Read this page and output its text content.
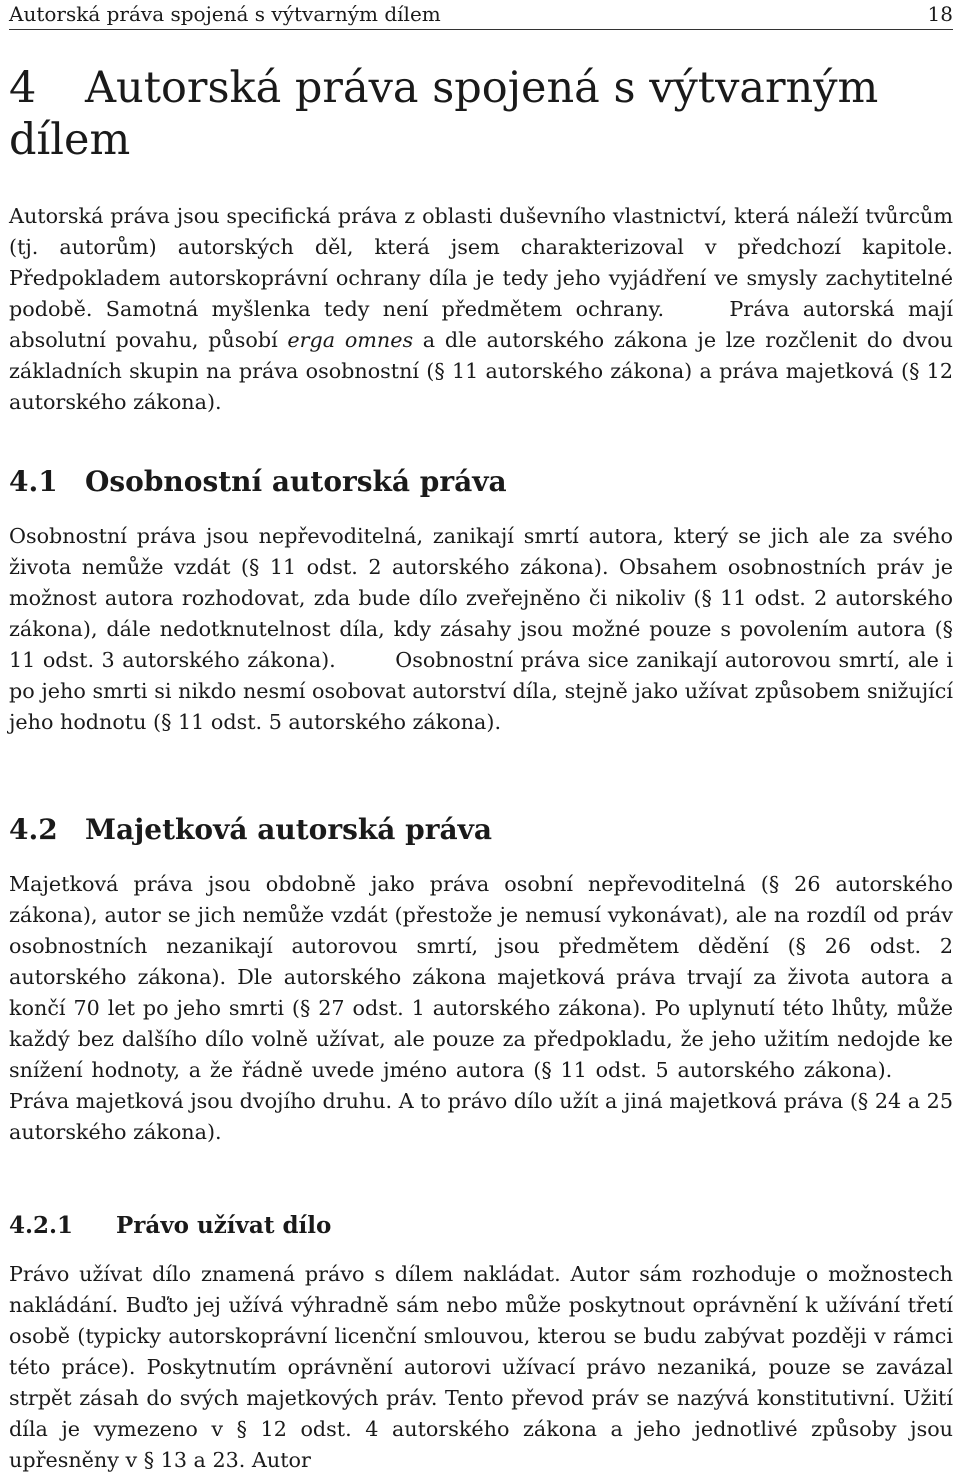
Autorská práva spojená s výtvarným dílem	18
4 Autorská práva spojená s výtvarným dílem

Autorská práva jsou specifická práva z oblasti duševního vlastnictví, která náleží tvůrcům (tj. autorům) autorských děl, která jsem charakterizoval v předchozí kapitole. Předpokladem autorskoprávní ochrany díla je tedy jeho vyjádření ve smysly zachytitelné podobě. Samotná myšlenka tedy není předmětem ochrany.	Práva autorská mají absolutní povahu, působí erga omnes a dle autorského zákona je lze rozčlenit do dvou základních skupin na práva osobnostní (§ 11 autorského zákona) a práva majetková (§ 12 autorského zákona).

4.1 Osobnostní autorská práva

Osobnostní práva jsou nepřevoditelná, zanikají smrtí autora, který se jich ale za svého života nemůže vzdát (§ 11 odst. 2 autorského zákona). Obsahem osobnostních práv je možnost autora rozhodovat, zda bude dílo zveřejněno či nikoliv (§ 11 odst. 2 autorského zákona), dále nedotknutelnost díla, kdy zásahy jsou možné pouze s povolením autora (§ 11 odst. 3 autorského zákona).	Osobnostní práva sice zanikají autorovou smrtí, ale i po jeho smrti si nikdo nesmí osobovat autorství díla, stejně jako užívat způsobem snižující jeho hodnotu (§ 11 odst. 5 autorského zákona).

4.2 Majetková autorská práva

Majetková práva jsou obdobně jako práva osobní nepřevoditelná (§ 26 autorského zákona), autor se jich nemůže vzdát (přestože je nemusí vykonávat), ale na rozdíl od práv osobnostních nezanikají autorovou smrtí, jsou předmětem dědění (§ 26 odst. 2 autorského zákona). Dle autorského zákona majetková práva trvají za života autora a končí 70 let po jeho smrti (§ 27 odst. 1 autorského zákona). Po uplynutí této lhůty, může každý bez dalšího dílo volně užívat, ale pouze za předpokladu, že jeho užitím nedojde ke snížení hodnoty, a že řádně uvede jméno autora (§ 11 odst. 5 autorského zákona). Práva majetková jsou dvojího druhu. A to právo dílo užít a jiná majetková práva (§ 24 a 25 autorského zákona).

4.2.1 Právo užívat dílo

Právo užívat dílo znamená právo s dílem nakládat. Autor sám rozhoduje o možnostech nakládání. Buďto jej užívá výhradně sám nebo může poskytnout oprávnění k užívání třetí osobě (typicky autorskoprávní licenční smlouvou, kterou se budu zabývat později v rámci této práce). Poskytnutím oprávnění autorovi užívací právo nezaniká, pouze se zavázal strpět zásah do svých majetkových práv. Tento převod práv se nazývá konstitutivní. Užití díla je vymezeno v § 12 odst. 4 autorského zákona a jeho jednotlivé způsoby jsou upřesněny v § 13 a 23. Autor
